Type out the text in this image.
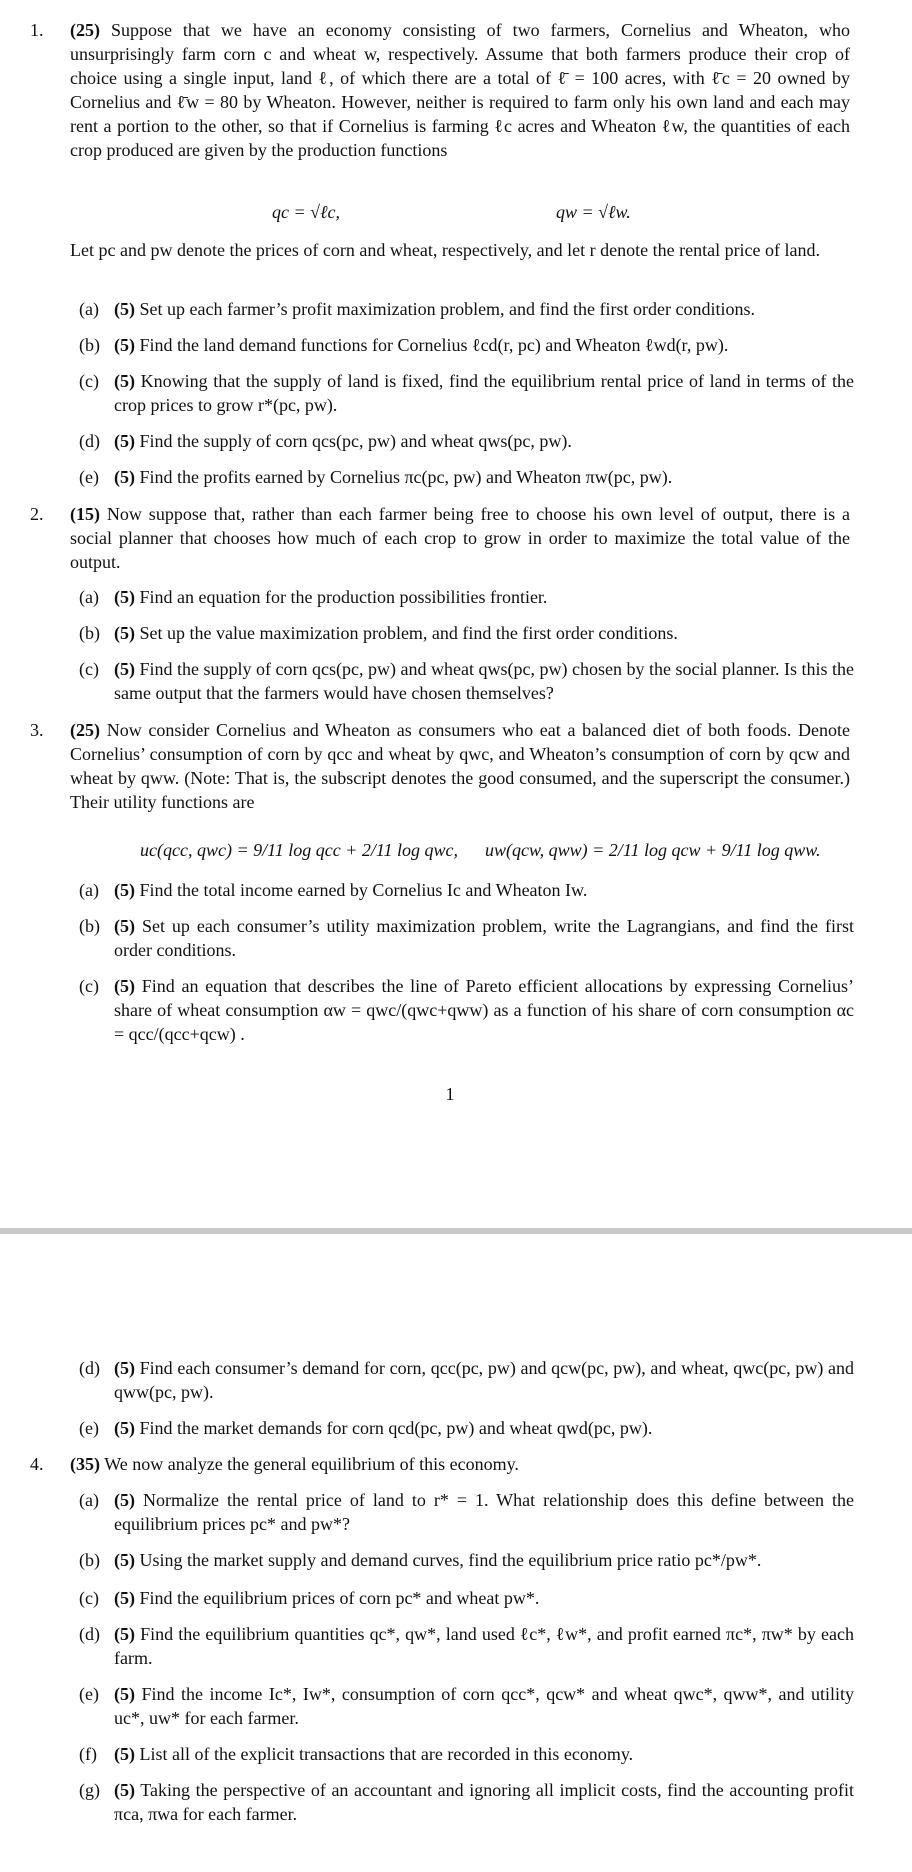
1.	(25) Suppose that we have an economy consisting of two farmers, Cornelius and Wheaton, who unsurprisingly farm corn c and wheat w, respectively. Assume that both farmers produce their crop of choice using a single input, land ℓ, of which there are a total of ℓ̄ = 100 acres, with ℓ̄c = 20 owned by Cornelius and ℓ̄w = 80 by Wheaton. However, neither is required to farm only his own land and each may rent a portion to the other, so that if Cornelius is farming ℓc acres and Wheaton ℓw, the quantities of each crop produced are given by the production functions
qc = √ℓc,	qw = √ℓw.
Let pc and pw denote the prices of corn and wheat, respectively, and let r denote the rental price of land.
(a) (5) Set up each farmer’s profit maximization problem, and find the first order conditions.
(b) (5) Find the land demand functions for Cornelius ℓcd(r, pc) and Wheaton ℓwd(r, pw).
(c) (5) Knowing that the supply of land is fixed, find the equilibrium rental price of land in terms of the crop prices to grow r*(pc, pw).
(d) (5) Find the supply of corn qcs(pc, pw) and wheat qws(pc, pw).
(e) (5) Find the profits earned by Cornelius πc(pc, pw) and Wheaton πw(pc, pw).
2.	(15) Now suppose that, rather than each farmer being free to choose his own level of output, there is a social planner that chooses how much of each crop to grow in order to maximize the total value of the output.
(a) (5) Find an equation for the production possibilities frontier.
(b) (5) Set up the value maximization problem, and find the first order conditions.
(c) (5) Find the supply of corn qcs(pc, pw) and wheat qws(pc, pw) chosen by the social planner. Is this the same output that the farmers would have chosen themselves?
3.	(25) Now consider Cornelius and Wheaton as consumers who eat a balanced diet of both foods. Denote Cornelius’ consumption of corn by qcc and wheat by qwc, and Wheaton’s consumption of corn by qcw and wheat by qww. (Note: That is, the subscript denotes the good consumed, and the superscript the consumer.) Their utility functions are
uc(qcc, qwc) = 9/11 log qcc + 2/11 log qwc, uw(qcw, qww) = 2/11 log qcw + 9/11 log qww.
(a) (5) Find the total income earned by Cornelius Ic and Wheaton Iw.
(b) (5) Set up each consumer’s utility maximization problem, write the Lagrangians, and find the first order conditions.
(c) (5) Find an equation that describes the line of Pareto efficient allocations by expressing Cornelius’ share of wheat consumption αw = qwc/(qwc+qww) as a function of his share of corn consumption αc = qcc/(qcc+qcw) .
1
(d) (5) Find each consumer’s demand for corn, qcc(pc, pw) and qcw(pc, pw), and wheat, qwc(pc, pw) and qww(pc, pw).
(e) (5) Find the market demands for corn qcd(pc, pw) and wheat qwd(pc, pw).
4.	(35) We now analyze the general equilibrium of this economy.
(a) (5) Normalize the rental price of land to r* = 1. What relationship does this define between the equilibrium prices pc* and pw*?
(b) (5) Using the market supply and demand curves, find the equilibrium price ratio pc*/pw*.
(c) (5) Find the equilibrium prices of corn pc* and wheat pw*.
(d) (5) Find the equilibrium quantities qc*, qw*, land used ℓc*, ℓw*, and profit earned πc*, πw* by each farm.
(e) (5) Find the income Ic*, Iw*, consumption of corn qcc*, qcw* and wheat qwc*, qww*, and utility uc*, uw* for each farmer.
(f) (5) List all of the explicit transactions that are recorded in this economy.
(g) (5) Taking the perspective of an accountant and ignoring all implicit costs, find the accounting profit πca, πwa for each farmer.
